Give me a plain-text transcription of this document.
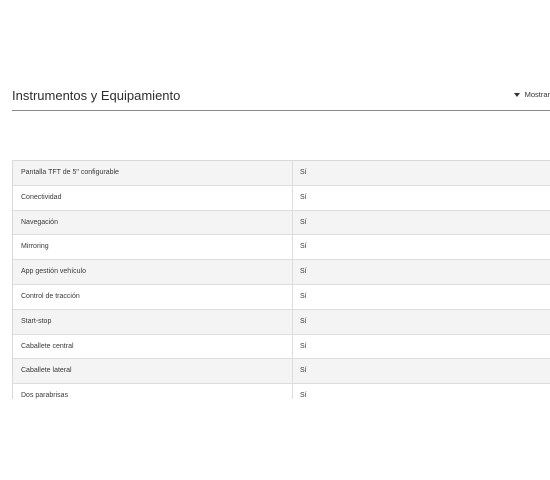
Instrumentos y Equipamiento	Mostrar
Pantalla TFT de 5" configurable	Sí
Conectividad	Sí
Navegación	Sí
Mirroring	Sí
App gestión vehículo	Sí
Control de tracción	Sí
Start-stop	Sí
Caballete central	Sí
Caballete lateral	Sí
Dos parabrisas	Sí
